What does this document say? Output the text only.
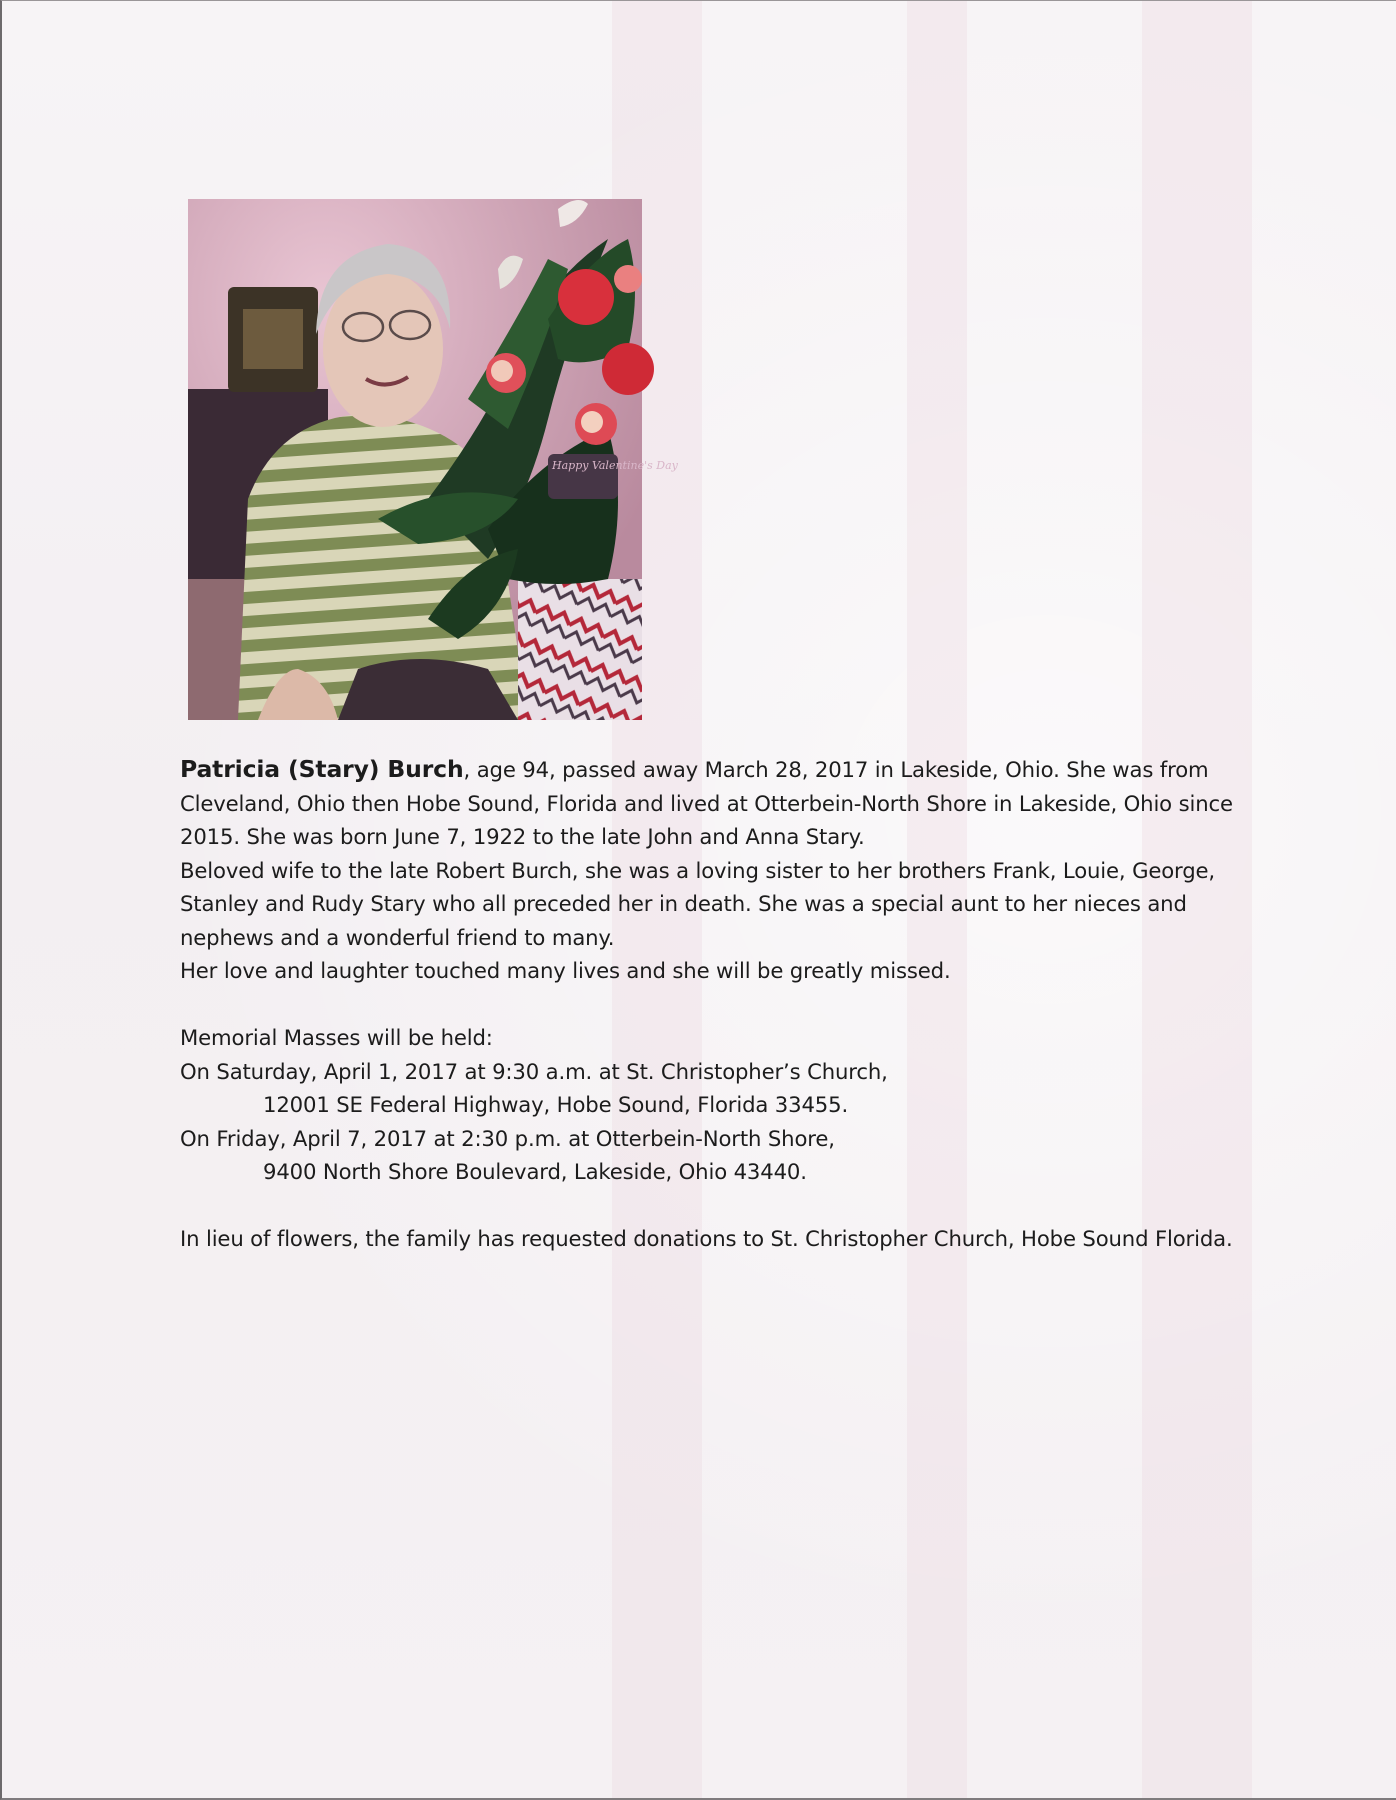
Happy Valentine's Day

Patricia (Stary) Burch, age 94, passed away March 28, 2017 in Lakeside, Ohio. She was from Cleveland, Ohio then Hobe Sound, Florida and lived at Otterbein-North Shore in Lakeside, Ohio since 2015. She was born June 7, 1922 to the late John and Anna Stary.

Beloved wife to the late Robert Burch, she was a loving sister to her brothers Frank, Louie, George, Stanley and Rudy Stary who all preceded her in death. She was a special aunt to her nieces and nephews and a wonderful friend to many.

Her love and laughter touched many lives and she will be greatly missed.

Memorial Masses will be held:

On Saturday, April 1, 2017 at 9:30 a.m. at St. Christopher’s Church,

12001 SE Federal Highway, Hobe Sound, Florida 33455.

On Friday, April 7, 2017 at 2:30 p.m. at Otterbein-North Shore,

9400 North Shore Boulevard, Lakeside, Ohio 43440.

In lieu of flowers, the family has requested donations to St. Christopher Church, Hobe Sound Florida.
